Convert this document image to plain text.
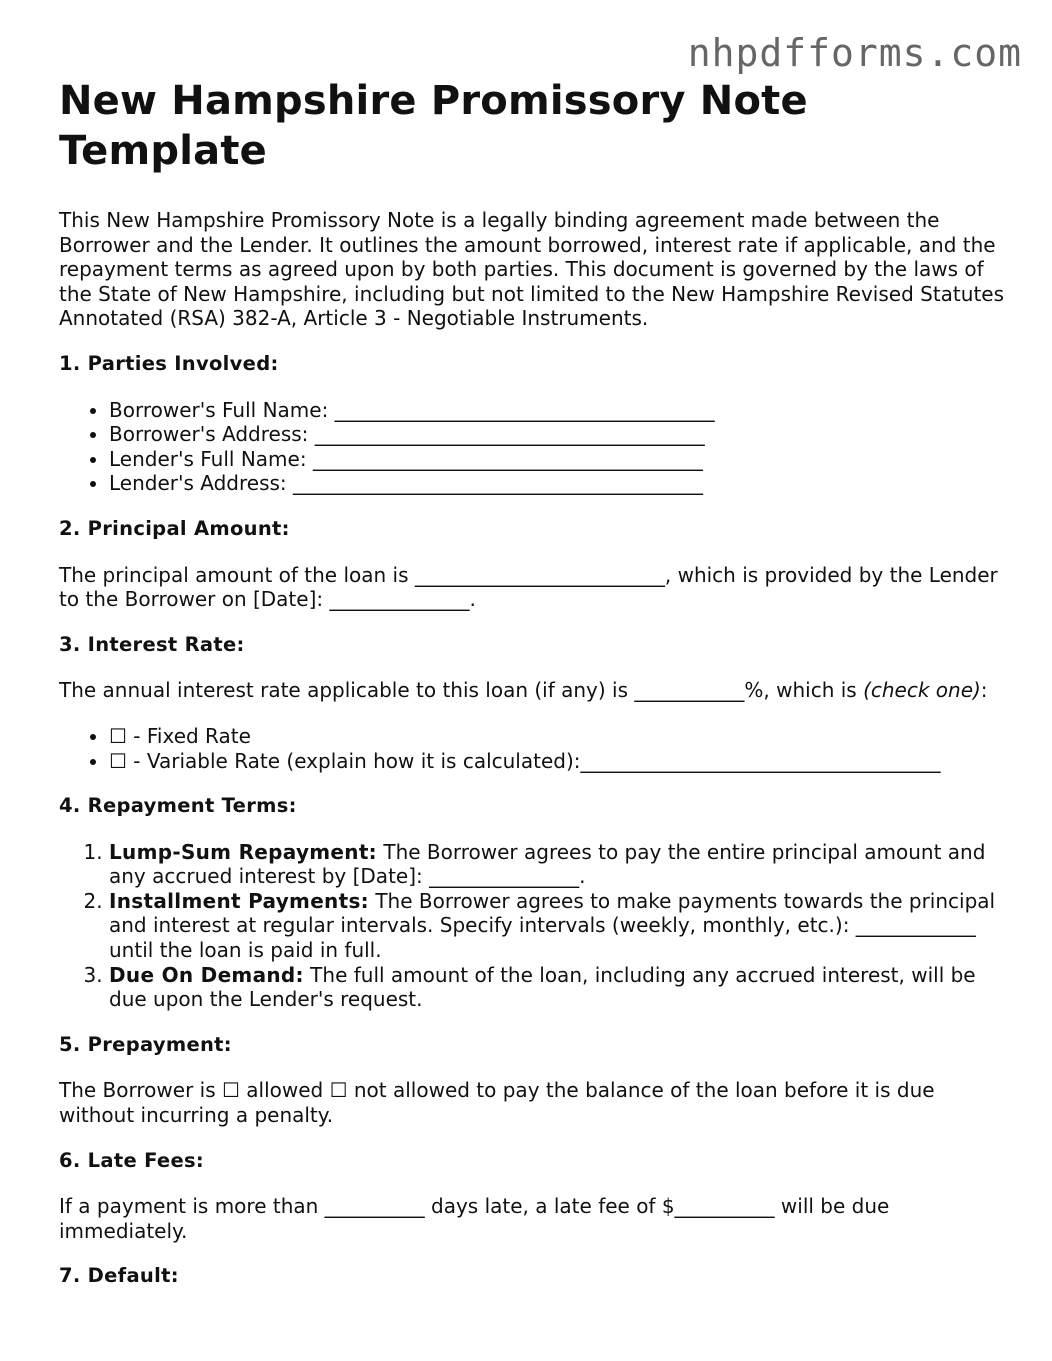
nhpdfforms.com
New Hampshire Promissory Note Template

This New Hampshire Promissory Note is a legally binding agreement made between the Borrower and the Lender. It outlines the amount borrowed, interest rate if applicable, and the repayment terms as agreed upon by both parties. This document is governed by the laws of the State of New Hampshire, including but not limited to the New Hampshire Revised Statutes Annotated (RSA) 382-A, Article 3 - Negotiable Instruments.

1. Parties Involved:
• Borrower's Full Name: ______________________________________
• Borrower's Address: _______________________________________
• Lender's Full Name: _______________________________________
• Lender's Address: _________________________________________
2. Principal Amount:

The principal amount of the loan is _________________________, which is provided by the Lender to the Borrower on [Date]: ______________.

3. Interest Rate:

The annual interest rate applicable to this loan (if any) is ___________%, which is (check one):

• ☐ - Fixed Rate
• ☐ - Variable Rate (explain how it is calculated):____________________________________
4. Repayment Terms:
1. Lump-Sum Repayment: The Borrower agrees to pay the entire principal amount and any accrued interest by [Date]: _______________.
2. Installment Payments: The Borrower agrees to make payments towards the principal and interest at regular intervals. Specify intervals (weekly, monthly, etc.): ____________ until the loan is paid in full.
3. Due On Demand: The full amount of the loan, including any accrued interest, will be due upon the Lender's request.
5. Prepayment:

The Borrower is ☐ allowed ☐ not allowed to pay the balance of the loan before it is due without incurring a penalty.

6. Late Fees:

If a payment is more than __________ days late, a late fee of $__________ will be due immediately.

7. Default:
